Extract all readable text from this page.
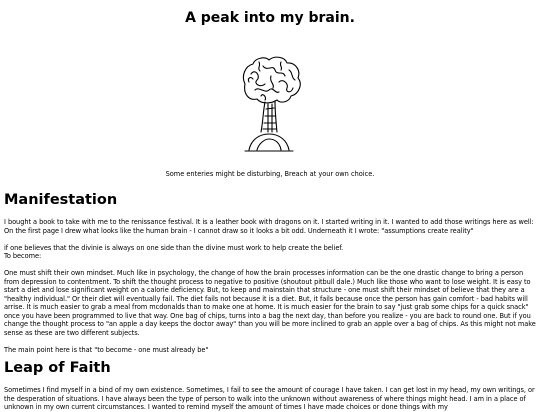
A peak into my brain.
Some enteries might be disturbing, Breach at your own choice.
Manifestation

I bought a book to take with me to the renissance festival. It is a leather book with dragons on it. I started writing in it. I wanted to add those writings here as well:
On the first page I drew what looks like the human brain - I cannot draw so it looks a bit odd. Underneath it I wrote: "assumptions create reality"

if one believes that the divinie is always on one side than the divine must work to help create the belief.
To become:

One must shift their own mindset. Much like in psychology, the change of how the brain processes information can be the one drastic change to bring a person from depression to contentment. To shift the thought process to negative to positive (shoutout pitbull dale.) Much like those who want to lose weight. It is easy to start a diet and lose significant weight on a calorie deficiency. But, to keep and mainstain that structure - one must shift their mindset of believe that they are a "healthy individual." Or their diet will eventually fail. The diet fails not because it is a diet. But, it fails because once the person has gain comfort - bad habits will arrise. It is much easier to grab a meal from mcdonalds than to make one at home. It is much easier for the brain to say "just grab some chips for a quick snack" once you have been programmed to live that way. One bag of chips, turns into a bag the next day, than before you realize - you are back to round one. But if you change the thought process to "an apple a day keeps the doctor away" than you will be more inclined to grab an apple over a bag of chips. As this might not make sense as these are two different subjects.

The main point here is that "to become - one must already be"

Leap of Faith

Sometimes I find myself in a bind of my own existence. Sometimes, I fail to see the amount of courage I have taken. I can get lost in my head, my own writings, or the desperation of situations. I have always been the type of person to walk into the unknown without awareness of where things might head. I am in a place of unknown in my own current circumstances. I wanted to remind myself the amount of times I have made choices or done things with my
